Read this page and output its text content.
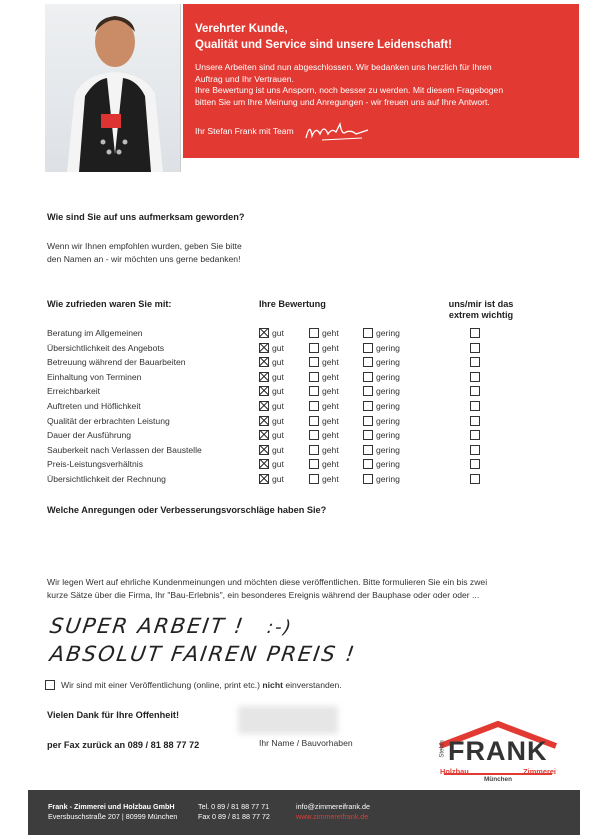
Verehrter Kunde,
Qualität und Service sind unsere Leidenschaft!
Unsere Arbeiten sind nun abgeschlossen. Wir bedanken uns herzlich für Ihren
Auftrag und Ihr Vertrauen.
Ihre Bewertung ist uns Ansporn, noch besser zu werden. Mit diesem Fragebogen
bitten Sie um Ihre Meinung und Anregungen - wir freuen uns auf Ihre Antwort.
Ihr Stefan Frank mit Team
Wie sind Sie auf uns aufmerksam geworden?
Wenn wir Ihnen empfohlen wurden, geben Sie bitte
den Namen an - wir möchten uns gerne bedanken!
Wie zufrieden waren Sie mit:	Ihre Bewertung	uns/mir ist das
extrem wichtig
Beratung im Allgemeinen	gut	geht	gering
Übersichtlichkeit des Angebots	gut	geht	gering
Betreuung während der Bauarbeiten	gut	geht	gering
Einhaltung von Terminen	gut	geht	gering
Erreichbarkeit	gut	geht	gering
Auftreten und Höflichkeit	gut	geht	gering
Qualität der erbrachten Leistung	gut	geht	gering
Dauer der Ausführung	gut	geht	gering
Sauberkeit nach Verlassen der Baustelle	gut	geht	gering
Preis-Leistungsverhältnis	gut	geht	gering
Übersichtlichkeit der Rechnung	gut	geht	gering
Welche Anregungen oder Verbesserungsvorschläge haben Sie?
Wir legen Wert auf ehrliche Kundenmeinungen und möchten diese veröffentlichen. Bitte formulieren Sie ein bis zwei
kurze Sätze über die Firma, Ihr "Bau-Erlebnis", ein besonderes Ereignis während der Bauphase oder oder oder ...
SUPER ARBEIT ! :-)
ABSOLUT FAIREN PREIS !
Wir sind mit einer Veröffentlichung (online, print etc.)
nicht
einverstanden.
Vielen Dank für Ihre Offenheit!
per Fax zurück an 089 / 81 88 77 72	Ihr Name / Bauvorhaben	Stefan FRANK
Holzbau	Zimmerei
München
Frank - Zimmerei und Holzbau GmbH
Eversbuschstraße 207 | 80999 München
Tel. 0 89 / 81 88 77 71
Fax 0 89 / 81 88 77 72
info@zimmereifrank.de
www.zimmereifrank.de
